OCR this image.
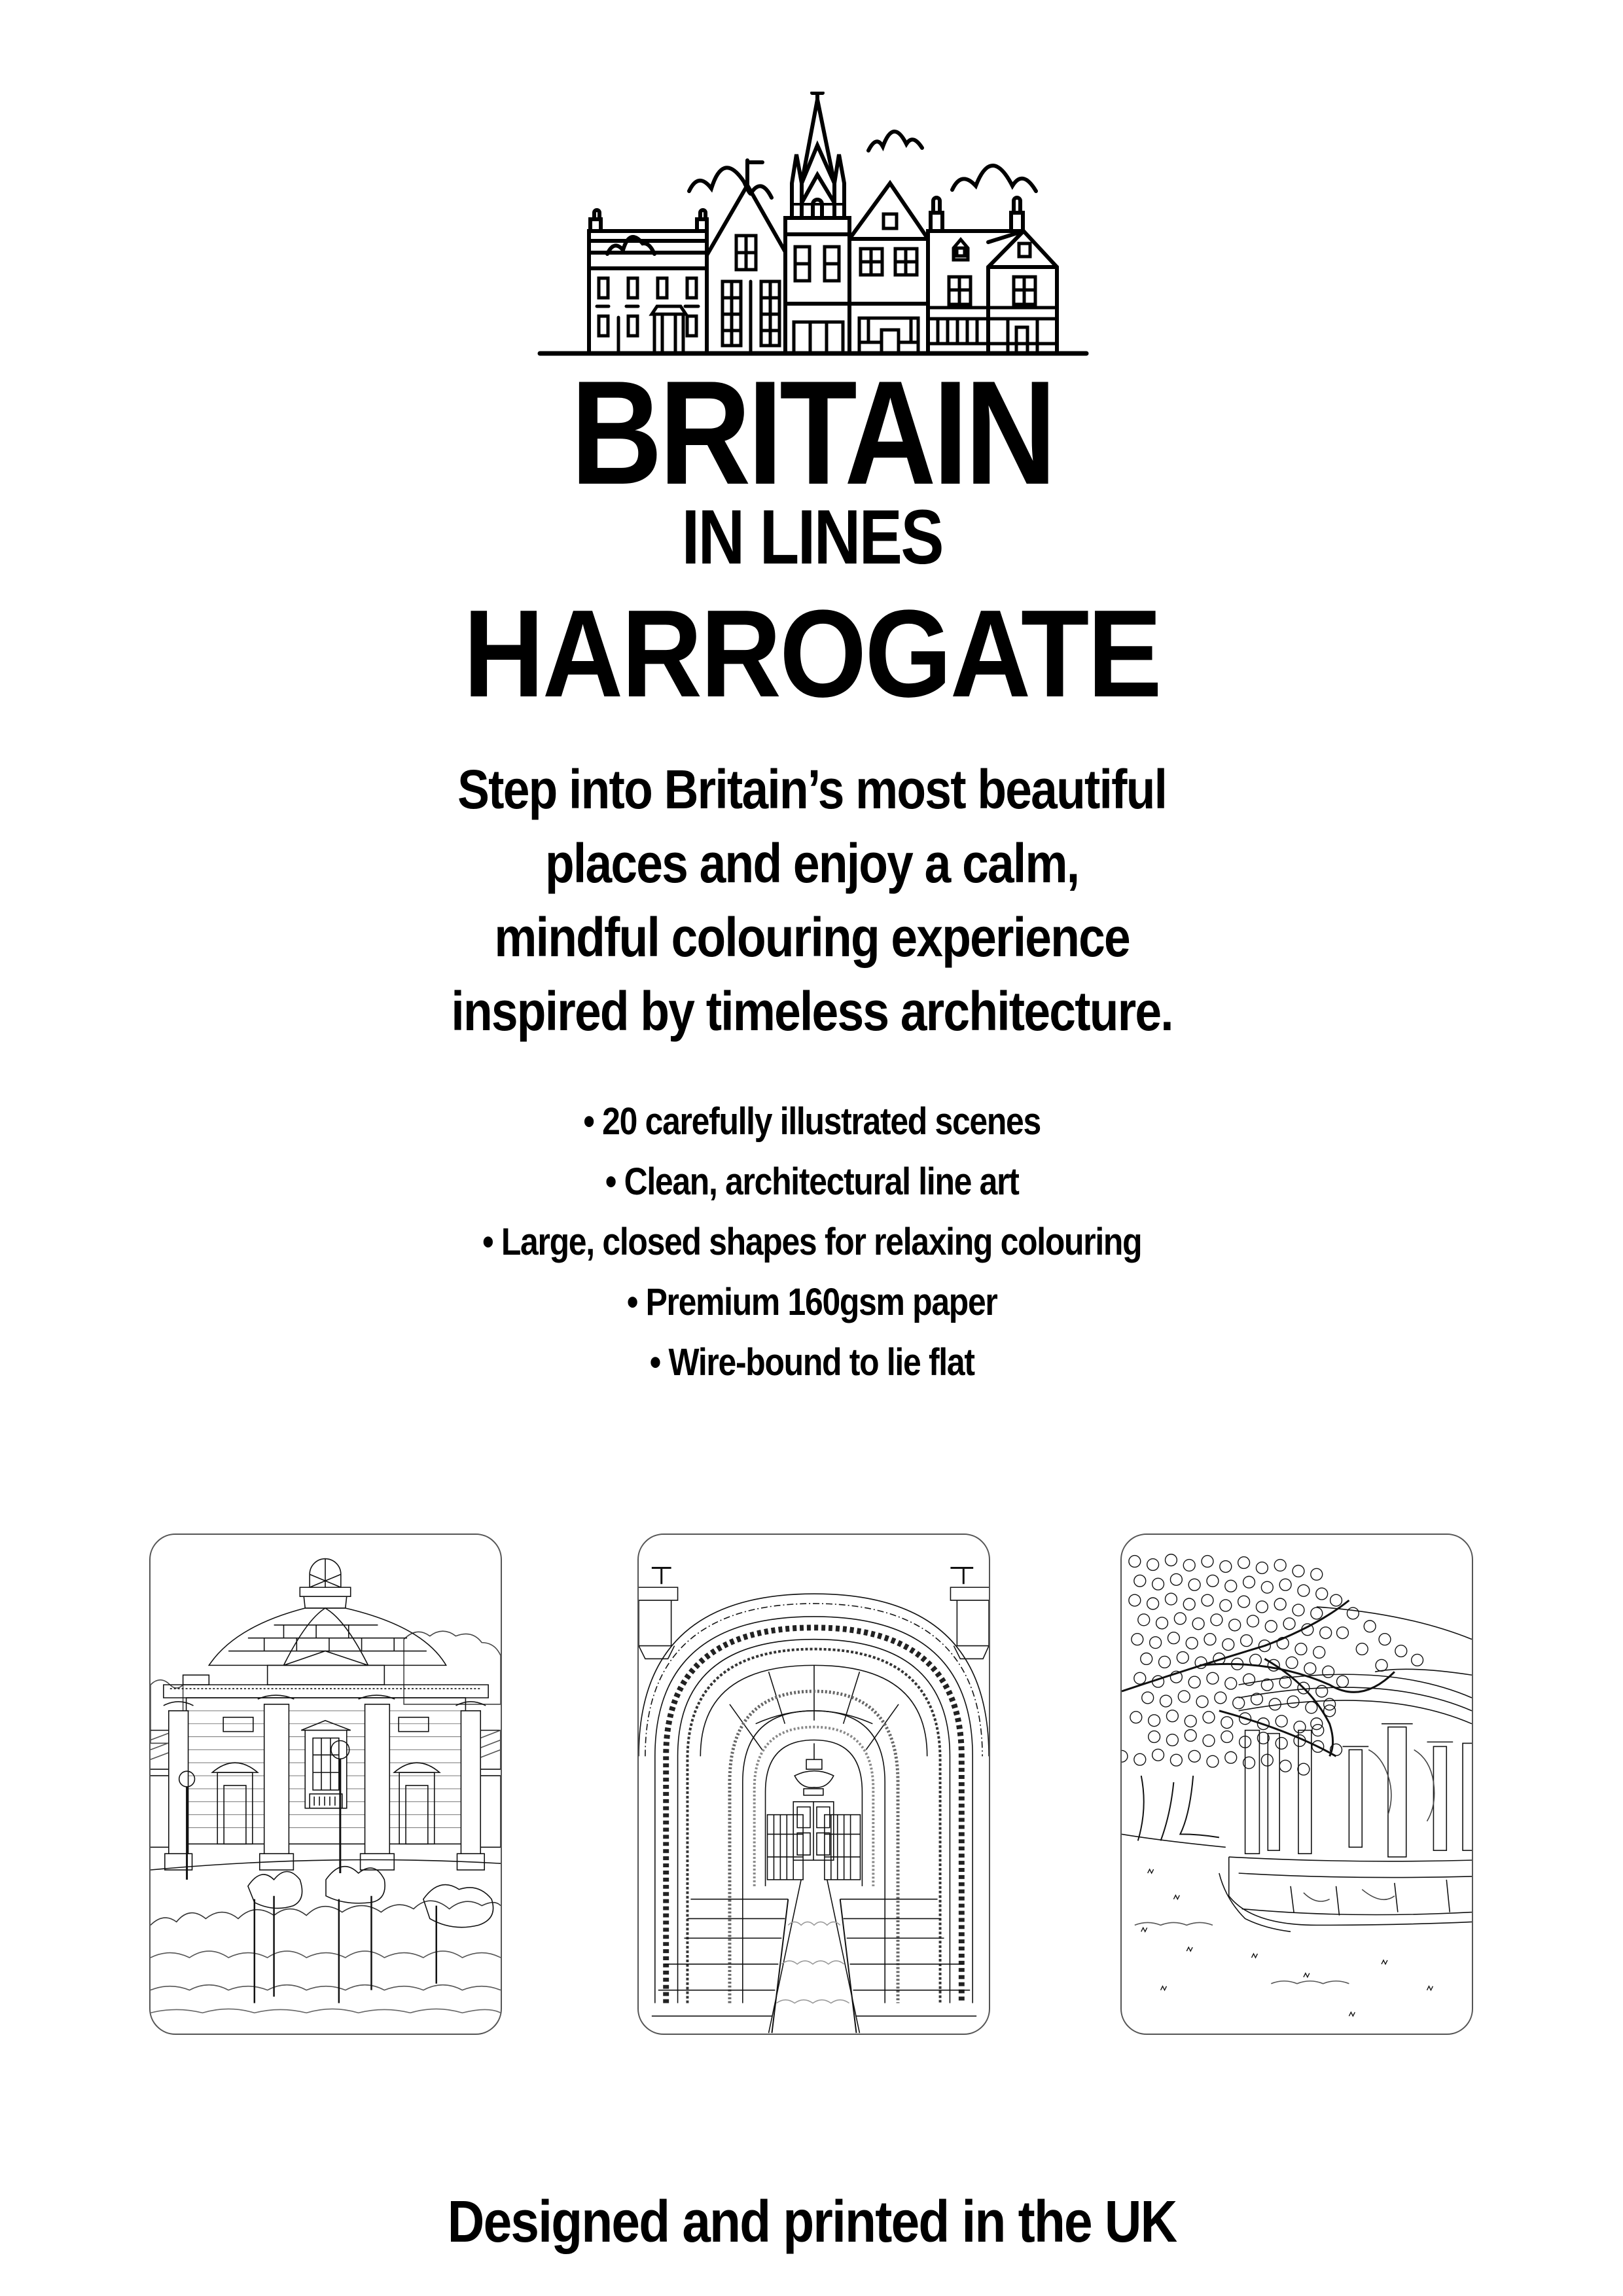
BRITAIN
IN LINES
HARROGATE
Step into Britain’s most beautiful
places and enjoy a calm,
mindful colouring experience
inspired by timeless architecture.
• 20 carefully illustrated scenes
• Clean, architectural line art
• Large, closed shapes for relaxing colouring
• Premium 160gsm paper
• Wire-bound to lie flat
Designed and printed in the UK
